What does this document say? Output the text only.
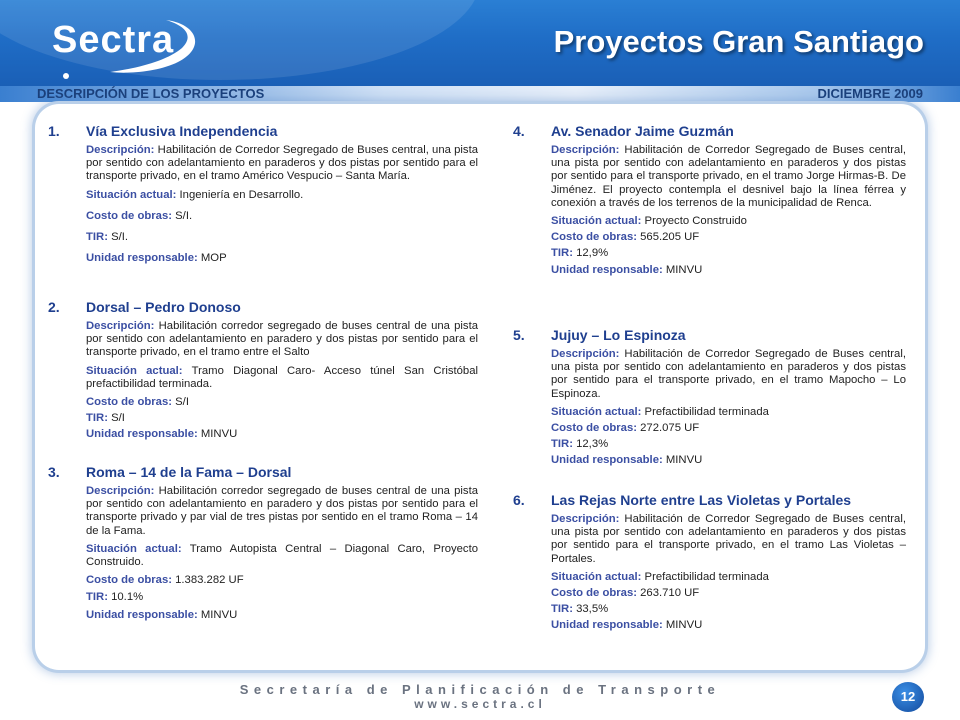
Sectra	Proyectos Gran Santiago
DESCRIPCIÓN DE LOS PROYECTOS	DICIEMBRE 2009
1.	Vía Exclusiva Independencia

Descripción: Habilitación de Corredor Segregado de Buses central, una pista por sentido con adelantamiento en paraderos y dos pistas por sentido para el transporte privado, en el tramo Américo Vespucio – Santa María.

Situación actual: Ingeniería en Desarrollo.

Costo de obras: S/I.

TIR: S/I.

Unidad responsable: MOP

2.	Dorsal – Pedro Donoso

Descripción: Habilitación corredor segregado de buses central de una pista por sentido con adelantamiento en paradero y dos pistas por sentido para el transporte privado, en el tramo entre el Salto

Situación actual: Tramo Diagonal Caro- Acceso túnel San Cristóbal prefactibilidad terminada.

Costo de obras: S/I

TIR: S/I

Unidad responsable: MINVU

3.	Roma – 14 de la Fama – Dorsal

Descripción: Habilitación corredor segregado de buses central de una pista por sentido con adelantamiento en paradero y dos pistas por sentido para el transporte privado y par vial de tres pistas por sentido en el tramo Roma – 14 de la Fama.

Situación actual: Tramo Autopista Central – Diagonal Caro, Proyecto Construido.

Costo de obras: 1.383.282 UF

TIR: 10.1%

Unidad responsable: MINVU

4.	Av. Senador Jaime Guzmán

Descripción: Habilitación de Corredor Segregado de Buses central, una pista por sentido con adelantamiento en paraderos y dos pistas por sentido para el transporte privado, en el tramo Jorge Hirmas-B. De Jiménez. El proyecto contempla el desnivel bajo la línea férrea y conexión a través de los terrenos de la municipalidad de Renca.

Situación actual: Proyecto Construido

Costo de obras: 565.205 UF

TIR: 12,9%

Unidad responsable: MINVU

5.	Jujuy – Lo Espinoza

Descripción: Habilitación de Corredor Segregado de Buses central, una pista por sentido con adelantamiento en paraderos y dos pistas por sentido para el transporte privado, en el tramo Mapocho – Lo Espinoza.

Situación actual: Prefactibilidad terminada

Costo de obras: 272.075 UF

TIR: 12,3%

Unidad responsable: MINVU

6.	Las Rejas Norte entre Las Violetas y Portales

Descripción: Habilitación de Corredor Segregado de Buses central, una pista por sentido con adelantamiento en paraderos y dos pistas por sentido para el transporte privado, en el tramo Las Violetas – Portales.

Situación actual: Prefactibilidad terminada

Costo de obras: 263.710 UF

TIR: 33,5%

Unidad responsable: MINVU

Secretaría de Planificación de Transporte
www.sectra.cl	12
